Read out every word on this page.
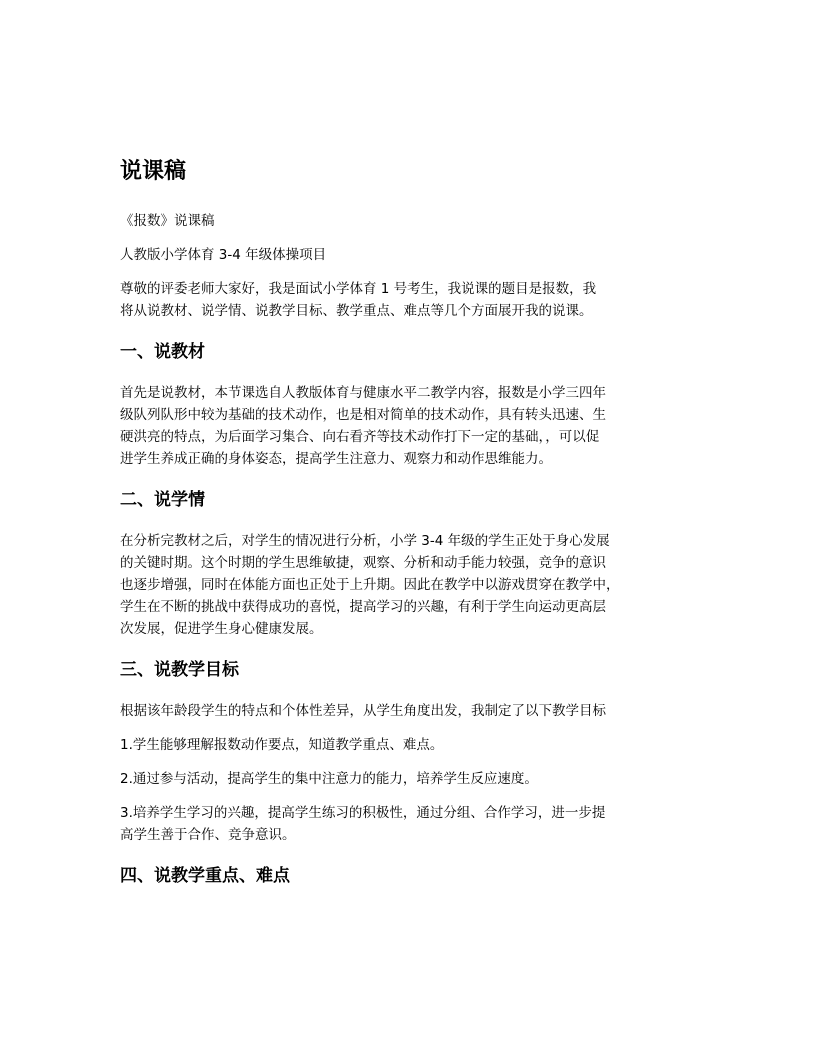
说课稿

《报数》说课稿

人教版小学体育 3-4 年级体操项目

尊敬的评委老师大家好，我是面试小学体育 1 号考生，我说课的题目是报数，我
将从说教材、说学情、说教学目标、教学重点、难点等几个方面展开我的说课。

一、说教材

首先是说教材，本节课选自人教版体育与健康水平二教学内容，报数是小学三四年
级队列队形中较为基础的技术动作，也是相对简单的技术动作，具有转头迅速、生
硬洪亮的特点，为后面学习集合、向右看齐等技术动作打下一定的基础，，可以促
进学生养成正确的身体姿态，提高学生注意力、观察力和动作思维能力。

二、说学情

在分析完教材之后，对学生的情况进行分析，小学 3-4 年级的学生正处于身心发展
的关键时期。这个时期的学生思维敏捷，观察、分析和动手能力较强，竞争的意识
也逐步增强，同时在体能方面也正处于上升期。因此在教学中以游戏贯穿在教学中，
学生在不断的挑战中获得成功的喜悦，提高学习的兴趣，有利于学生向运动更高层
次发展，促进学生身心健康发展。

三、说教学目标

根据该年龄段学生的特点和个体性差异，从学生角度出发，我制定了以下教学目标

1.学生能够理解报数动作要点，知道教学重点、难点。

2.通过参与活动，提高学生的集中注意力的能力，培养学生反应速度。

3.培养学生学习的兴趣，提高学生练习的积极性，通过分组、合作学习，进一步提
高学生善于合作、竞争意识。

四、说教学重点、难点
